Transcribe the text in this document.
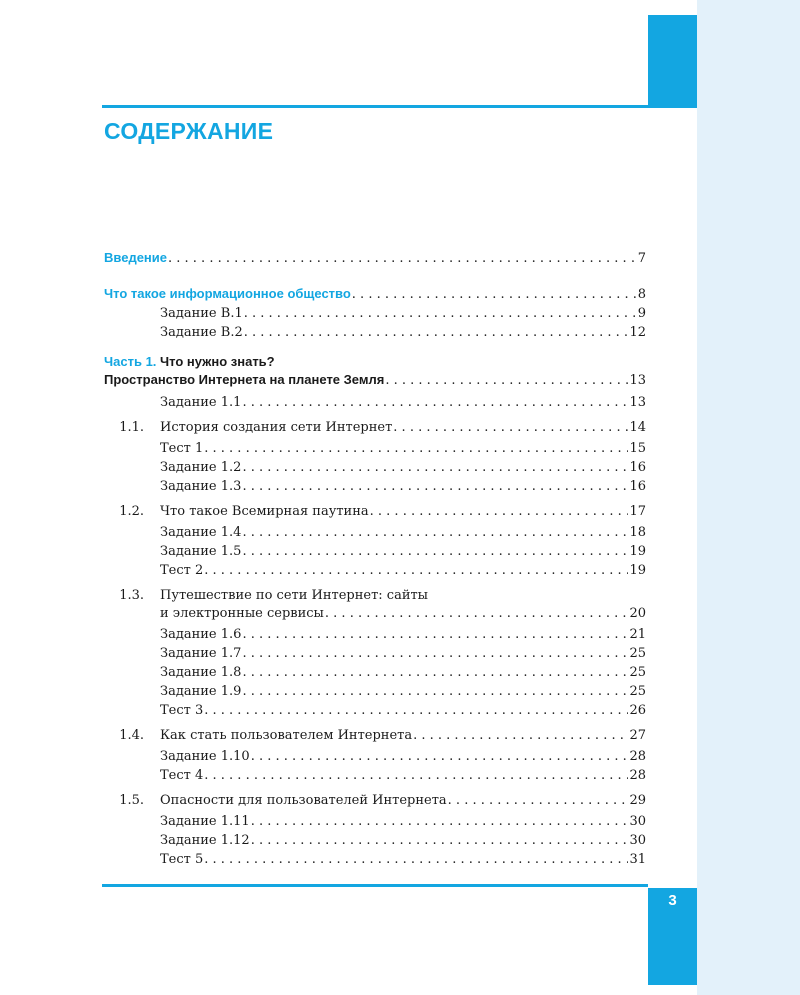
3
СОДЕРЖАНИЕ
Введение . . .	7
Что такое информационное общество . . .	8
Задание В.1 . . .	9
Задание В.2 . . .	12
Часть 1. Что нужно знать?
Пространство Интернета на планете Земля . . .	13
Задание 1.1 . . .	13
1.1. История создания сети Интернет . . .	14
Тест 1 . . .	15
Задание 1.2 . . .	16
Задание 1.3 . . .	16
1.2. Что такое Всемирная паутина . . .	17
Задание 1.4 . . .	18
Задание 1.5 . . .	19
Тест 2 . . .	19
1.3. Путешествие по сети Интернет: сайты
и электронные сервисы . . .	20
Задание 1.6 . . .	21
Задание 1.7 . . .	25
Задание 1.8 . . .	25
Задание 1.9 . . .	25
Тест 3 . . .	26
1.4. Как стать пользователем Интернета . . .	27
Задание 1.10 . . .	28
Тест 4 . . .	28
1.5. Опасности для пользователей Интернета . . .	29
Задание 1.11 . . .	30
Задание 1.12 . . .	30
Тест 5 . . .	31
